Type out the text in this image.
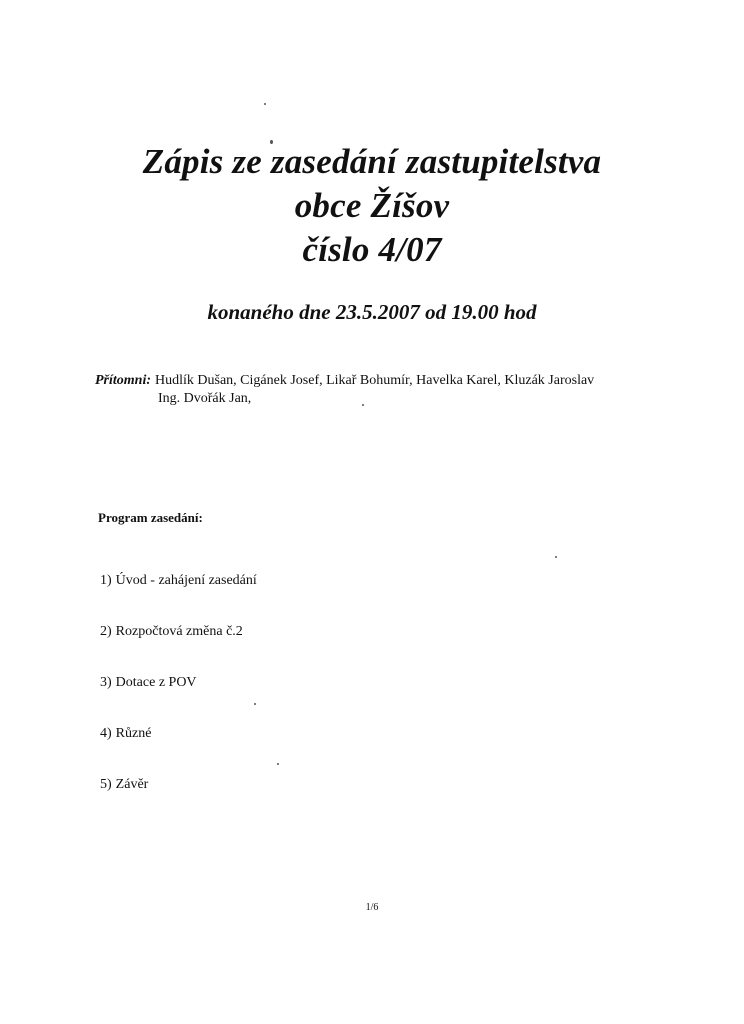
Zápis ze zasedání zastupitelstva
obce Žíšov
číslo 4/07
konaného dne 23.5.2007 od 19.00 hod
Přítomni: Hudlík Dušan, Cigánek Josef, Likař Bohumír, Havelka Karel, Kluzák Jaroslav
Ing. Dvořák Jan,
Program zasedání:
1) Úvod - zahájení zasedání
2) Rozpočtová změna č.2
3) Dotace z POV
4) Různé
5) Závěr
1/6
